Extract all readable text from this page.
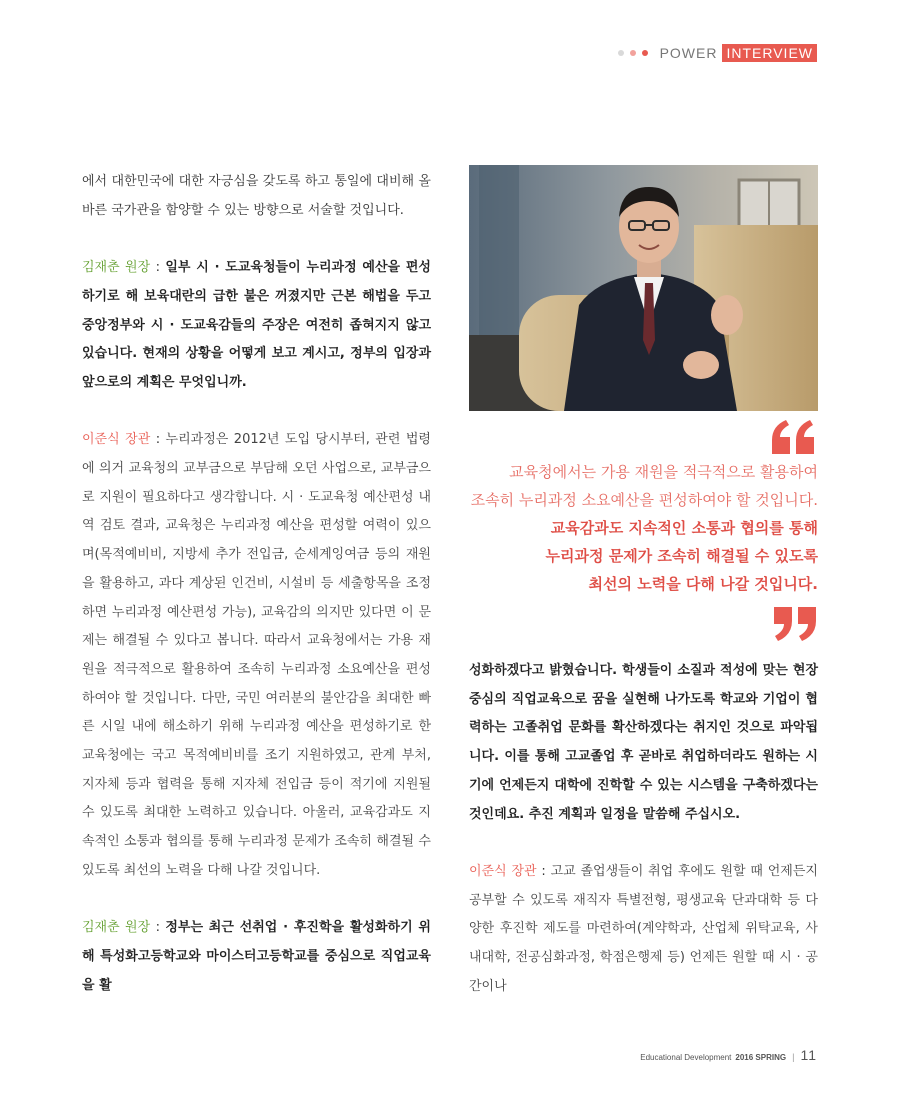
POWER INTERVIEW

에서 대한민국에 대한 자긍심을 갖도록 하고 통일에 대비해 올바른 국가관을 함양할 수 있는 방향으로 서술할 것입니다.

김재춘 원장 : 일부 시 · 도교육청들이 누리과정 예산을 편성하기로 해 보육대란의 급한 불은 꺼졌지만 근본 해법을 두고 중앙정부와 시 · 도교육감들의 주장은 여전히 좁혀지지 않고 있습니다. 현재의 상황을 어떻게 보고 계시고, 정부의 입장과 앞으로의 계획은 무엇입니까.

이준식 장관 : 누리과정은 2012년 도입 당시부터, 관련 법령에 의거 교육청의 교부금으로 부담해 오던 사업으로, 교부금으로 지원이 필요하다고 생각합니다. 시 · 도교육청 예산편성 내역 검토 결과, 교육청은 누리과정 예산을 편성할 여력이 있으며(목적예비비, 지방세 추가 전입금, 순세계잉여금 등의 재원을 활용하고, 과다 계상된 인건비, 시설비 등 세출항목을 조정하면 누리과정 예산편성 가능), 교육감의 의지만 있다면 이 문제는 해결될 수 있다고 봅니다. 따라서 교육청에서는 가용 재원을 적극적으로 활용하여 조속히 누리과정 소요예산을 편성하여야 할 것입니다. 다만, 국민 여러분의 불안감을 최대한 빠른 시일 내에 해소하기 위해 누리과정 예산을 편성하기로 한 교육청에는 국고 목적예비비를 조기 지원하였고, 관계 부처, 지자체 등과 협력을 통해 지자체 전입금 등이 적기에 지원될 수 있도록 최대한 노력하고 있습니다. 아울러, 교육감과도 지속적인 소통과 협의를 통해 누리과정 문제가 조속히 해결될 수 있도록 최선의 노력을 다해 나갈 것입니다.

김재춘 원장 : 정부는 최근 선취업 · 후진학을 활성화하기 위해 특성화고등학교와 마이스터고등학교를 중심으로 직업교육을 활

교육청에서는 가용 재원을 적극적으로 활용하여
조속히 누리과정 소요예산을 편성하여야 할 것입니다.
교육감과도 지속적인 소통과 협의를 통해
누리과정 문제가 조속히 해결될 수 있도록
최선의 노력을 다해 나갈 것입니다.

성화하겠다고 밝혔습니다. 학생들이 소질과 적성에 맞는 현장중심의 직업교육으로 꿈을 실현해 나가도록 학교와 기업이 협력하는 고졸취업 문화를 확산하겠다는 취지인 것으로 파악됩니다. 이를 통해 고교졸업 후 곧바로 취업하더라도 원하는 시기에 언제든지 대학에 진학할 수 있는 시스템을 구축하겠다는 것인데요. 추진 계획과 일정을 말씀해 주십시오.

이준식 장관 : 고교 졸업생들이 취업 후에도 원할 때 언제든지 공부할 수 있도록 재직자 특별전형, 평생교육 단과대학 등 다양한 후진학 제도를 마련하여(계약학과, 산업체 위탁교육, 사내대학, 전공심화과정, 학점은행제 등) 언제든 원할 때 시 · 공간이나

Educational Development 2016 SPRING | 11
